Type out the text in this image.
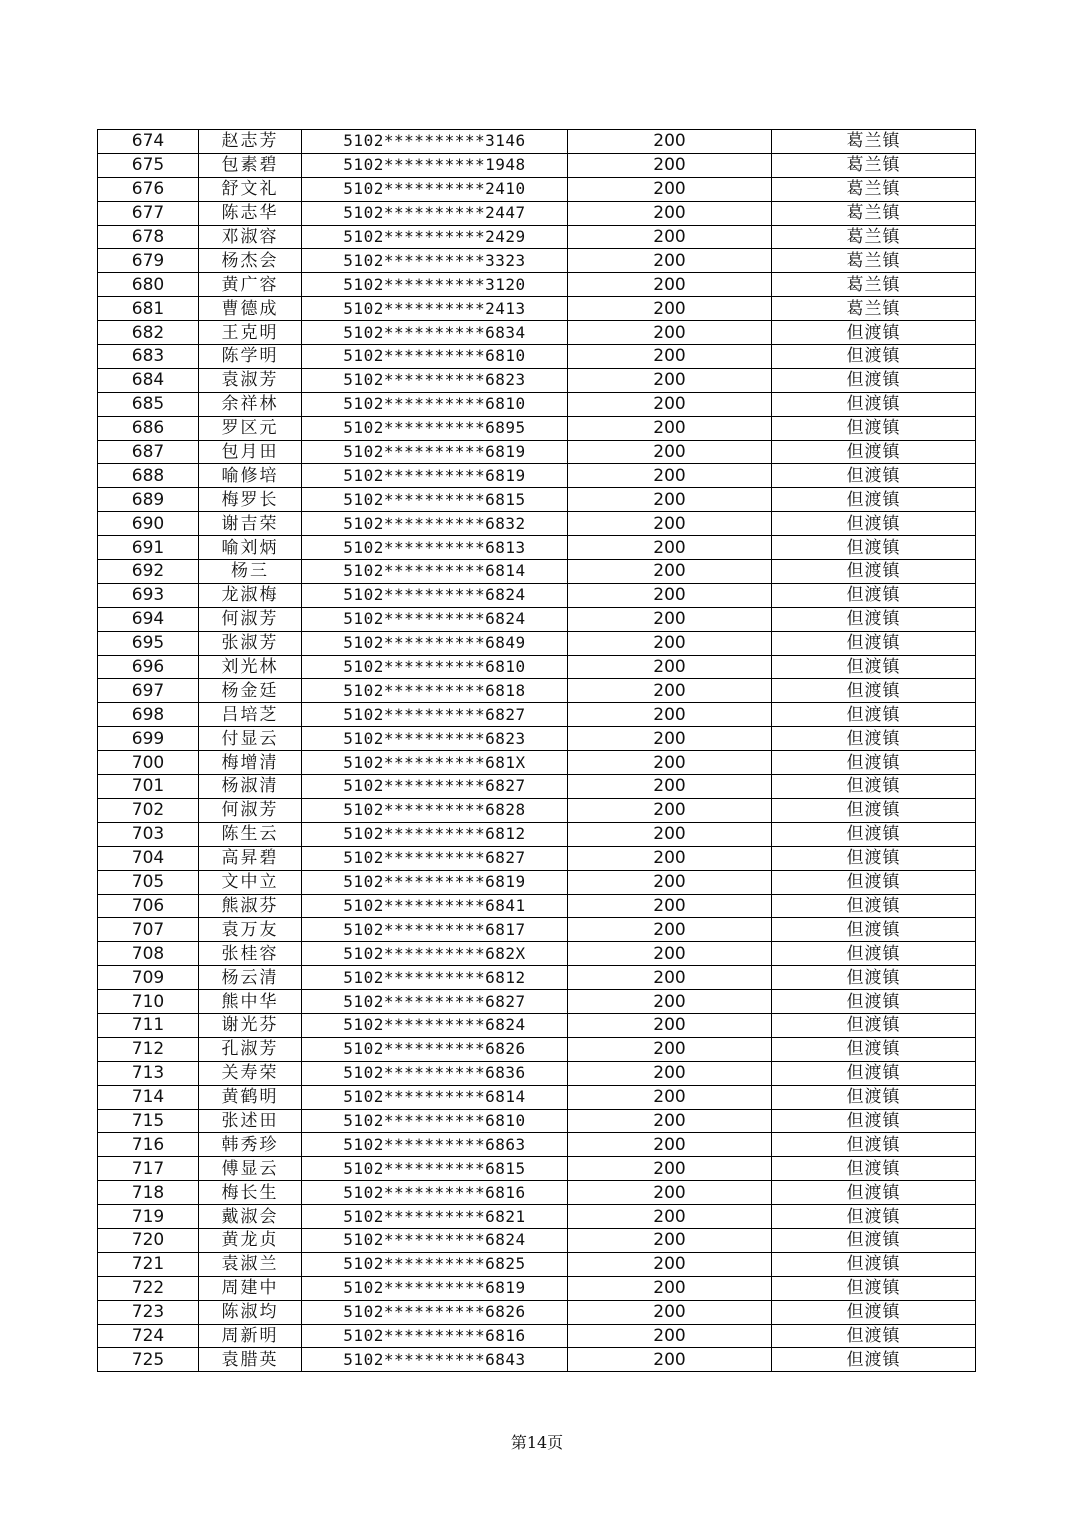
674	赵志芳	5102**********3146	200	葛兰镇
675	包素碧	5102**********1948	200	葛兰镇
676	舒文礼	5102**********2410	200	葛兰镇
677	陈志华	5102**********2447	200	葛兰镇
678	邓淑容	5102**********2429	200	葛兰镇
679	杨杰会	5102**********3323	200	葛兰镇
680	黄广容	5102**********3120	200	葛兰镇
681	曹德成	5102**********2413	200	葛兰镇
682	王克明	5102**********6834	200	但渡镇
683	陈学明	5102**********6810	200	但渡镇
684	袁淑芳	5102**********6823	200	但渡镇
685	余祥林	5102**********6810	200	但渡镇
686	罗区元	5102**********6895	200	但渡镇
687	包月田	5102**********6819	200	但渡镇
688	喻修培	5102**********6819	200	但渡镇
689	梅罗长	5102**********6815	200	但渡镇
690	谢吉荣	5102**********6832	200	但渡镇
691	喻刘炳	5102**********6813	200	但渡镇
692	杨三	5102**********6814	200	但渡镇
693	龙淑梅	5102**********6824	200	但渡镇
694	何淑芳	5102**********6824	200	但渡镇
695	张淑芳	5102**********6849	200	但渡镇
696	刘光林	5102**********6810	200	但渡镇
697	杨金廷	5102**********6818	200	但渡镇
698	吕培芝	5102**********6827	200	但渡镇
699	付显云	5102**********6823	200	但渡镇
700	梅增清	5102**********681X	200	但渡镇
701	杨淑清	5102**********6827	200	但渡镇
702	何淑芳	5102**********6828	200	但渡镇
703	陈生云	5102**********6812	200	但渡镇
704	高昇碧	5102**********6827	200	但渡镇
705	文中立	5102**********6819	200	但渡镇
706	熊淑芬	5102**********6841	200	但渡镇
707	袁万友	5102**********6817	200	但渡镇
708	张桂容	5102**********682X	200	但渡镇
709	杨云清	5102**********6812	200	但渡镇
710	熊中华	5102**********6827	200	但渡镇
711	谢光芬	5102**********6824	200	但渡镇
712	孔淑芳	5102**********6826	200	但渡镇
713	关寿荣	5102**********6836	200	但渡镇
714	黄鹤明	5102**********6814	200	但渡镇
715	张述田	5102**********6810	200	但渡镇
716	韩秀珍	5102**********6863	200	但渡镇
717	傅显云	5102**********6815	200	但渡镇
718	梅长生	5102**********6816	200	但渡镇
719	戴淑会	5102**********6821	200	但渡镇
720	黄龙贞	5102**********6824	200	但渡镇
721	袁淑兰	5102**********6825	200	但渡镇
722	周建中	5102**********6819	200	但渡镇
723	陈淑均	5102**********6826	200	但渡镇
724	周新明	5102**********6816	200	但渡镇
725	袁腊英	5102**********6843	200	但渡镇
第14页
